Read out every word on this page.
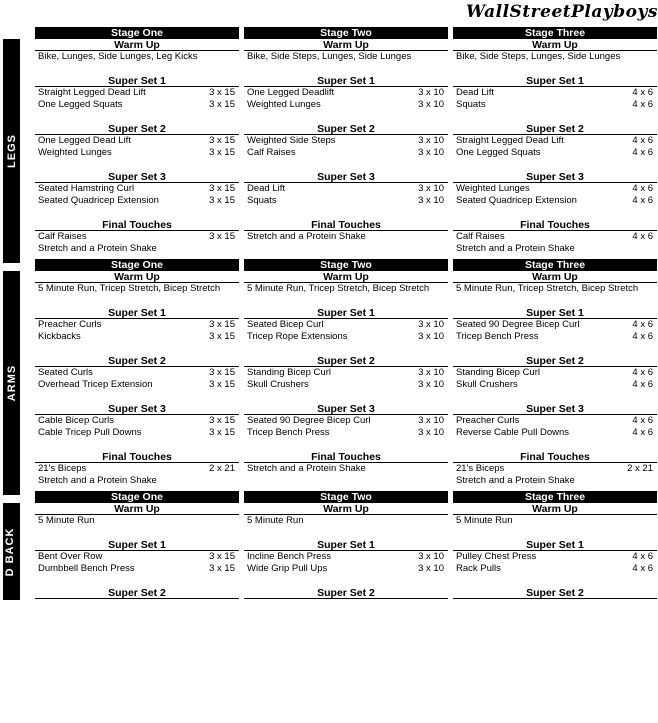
WallStreetPlayboys
LEGS
ARMS
D BACK
Stage One
Warm Up
Bike, Lunges, Side Lunges, Leg Kicks
Super Set 1
Straight Legged Dead Lift	3 x 15
One Legged Squats	3 x 15
Super Set 2
One Legged Dead Lift	3 x 15
Weighted Lunges	3 x 15
Super Set 3
Seated Hamstring Curl	3 x 15
Seated Quadricep Extension	3 x 15
Final Touches
Calf Raises	3 x 15
Stretch and a Protein Shake
Stage Two
Warm Up
Bike, Side Steps, Lunges, Side Lunges
Super Set 1
One Legged Deadlift	3 x 10
Weighted Lunges	3 x 10
Super Set 2
Weighted Side Steps	3 x 10
Calf Raises	3 x 10
Super Set 3
Dead Lift	3 x 10
Squats	3 x 10
Final Touches
Stretch and a Protein Shake
Stage Three
Warm Up
Bike, Side Steps, Lunges, Side Lunges
Super Set 1
Dead Lift	4 x 6
Squats	4 x 6
Super Set 2
Straight Legged Dead Lift	4 x 6
One Legged Squats	4 x 6
Super Set 3
Weighted Lunges	4 x 6
Seated Quadricep Extension	4 x 6
Final Touches
Calf Raises	4 x 6
Stretch and a Protein Shake
Stage One
Warm Up
5 Minute Run, Tricep Stretch, Bicep Stretch
Super Set 1
Preacher Curls	3 x 15
Kickbacks	3 x 15
Super Set 2
Seated Curls	3 x 15
Overhead Tricep Extension	3 x 15
Super Set 3
Cable Bicep Curls	3 x 15
Cable Tricep Pull Downs	3 x 15
Final Touches
21's Biceps	2 x 21
Stretch and a Protein Shake
Stage Two
Warm Up
5 Minute Run, Tricep Stretch, Bicep Stretch
Super Set 1
Seated Bicep Curl	3 x 10
Tricep Rope Extensions	3 x 10
Super Set 2
Standing Bicep Curl	3 x 10
Skull Crushers	3 x 10
Super Set 3
Seated 90 Degree Bicep Curl	3 x 10
Tricep Bench Press	3 x 10
Final Touches
Stretch and a Protein Shake
Stage Three
Warm Up
5 Minute Run, Tricep Stretch, Bicep Stretch
Super Set 1
Seated 90 Degree Bicep Curl	4 x 6
Tricep Bench Press	4 x 6
Super Set 2
Standing Bicep Curl	4 x 6
Skull Crushers	4 x 6
Super Set 3
Preacher Curls	4 x 6
Reverse Cable Pull Downs	4 x 6
Final Touches
21's Biceps	2 x 21
Stretch and a Protein Shake
Stage One
Warm Up
5 Minute Run
Super Set 1
Bent Over Row	3 x 15
Dumbbell Bench Press	3 x 15
Super Set 2
Stage Two
Warm Up
5 Minute Run
Super Set 1
Incline Bench Press	3 x 10
Wide Grip Pull Ups	3 x 10
Super Set 2
Stage Three
Warm Up
5 Minute Run
Super Set 1
Pulley Chest Press	4 x 6
Rack Pulls	4 x 6
Super Set 2
